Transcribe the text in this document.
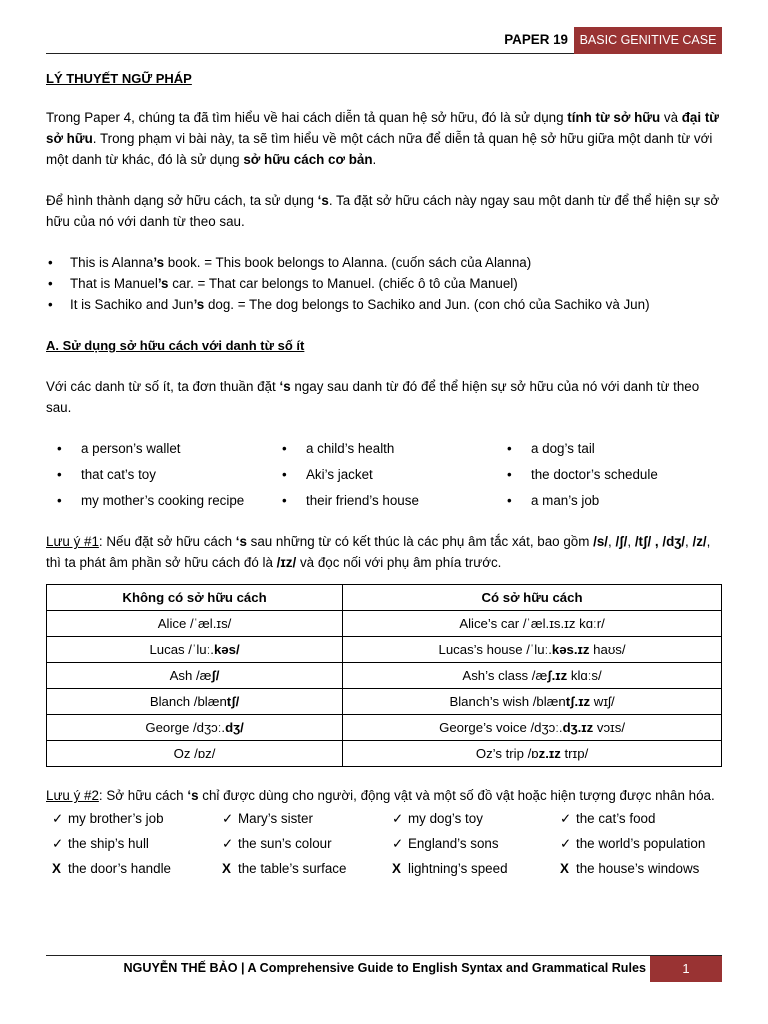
PAPER 19 BASIC GENITIVE CASE
LÝ THUYẾT NGỮ PHÁP

Trong Paper 4, chúng ta đã tìm hiểu về hai cách diễn tả quan hệ sở hữu, đó là sử dụng tính từ sở hữu và đại từ sở hữu. Trong phạm vi bài này, ta sẽ tìm hiểu về một cách nữa để diễn tả quan hệ sở hữu giữa một danh từ với một danh từ khác, đó là sử dụng sở hữu cách cơ bản.

Để hình thành dạng sở hữu cách, ta sử dụng ‘s. Ta đặt sở hữu cách này ngay sau một danh từ để thể hiện sự sở hữu của nó với danh từ theo sau.

• This is Alanna’s book. = This book belongs to Alanna. (cuốn sách của Alanna)
• That is Manuel’s car. = That car belongs to Manuel. (chiếc ô tô của Manuel)
• It is Sachiko and Jun’s dog. = The dog belongs to Sachiko and Jun. (con chó của Sachiko và Jun)
A. Sử dụng sở hữu cách với danh từ số ít

Với các danh từ số ít, ta đơn thuần đặt ‘s ngay sau danh từ đó để thể hiện sự sở hữu của nó với danh từ theo sau.

• a person’s wallet	• a child’s health	• a dog’s tail
• that cat’s toy	• Aki’s jacket	• the doctor’s schedule
• my mother’s cooking recipe	• their friend’s house	• a man’s job

Lưu ý #1: Nếu đặt sở hữu cách ‘s sau những từ có kết thúc là các phụ âm tắc xát, bao gồm /s/, /ʃ/, /tʃ/ , /dʒ/, /z/, thì ta phát âm phần sở hữu cách đó là /ɪz/ và đọc nối với phụ âm phía trước.

Không có sở hữu cách	Có sở hữu cách
Alice /ˈæl.ɪs/	Alice’s car /ˈæl.ɪs.ɪz kɑːr/
Lucas /ˈluː.kəs/	Lucas’s house /ˈluː.kəs.ɪz haʊs/
Ash /æʃ/	Ash’s class /æʃ.ɪz klɑːs/
Blanch /blæntʃ/	Blanch’s wish /blæntʃ.ɪz wɪʃ/
George /dʒɔː.dʒ/	George’s voice /dʒɔː.dʒ.ɪz vɔɪs/
Oz /ɒz/	Oz’s trip /ɒz.ɪz trɪp/

Lưu ý #2: Sở hữu cách ‘s chỉ được dùng cho người, động vật và một số đồ vật hoặc hiện tượng được nhân hóa.

✓ my brother’s job	✓ Mary’s sister	✓ my dog’s toy	✓ the cat’s food
✓ the ship’s hull	✓ the sun’s colour	✓ England’s sons	✓ the world’s population
X the door’s handle	X the table’s surface	X lightning’s speed	X the house’s windows
NGUYỄN THẾ BẢO | A Comprehensive Guide to English Syntax and Grammatical Rules	1
